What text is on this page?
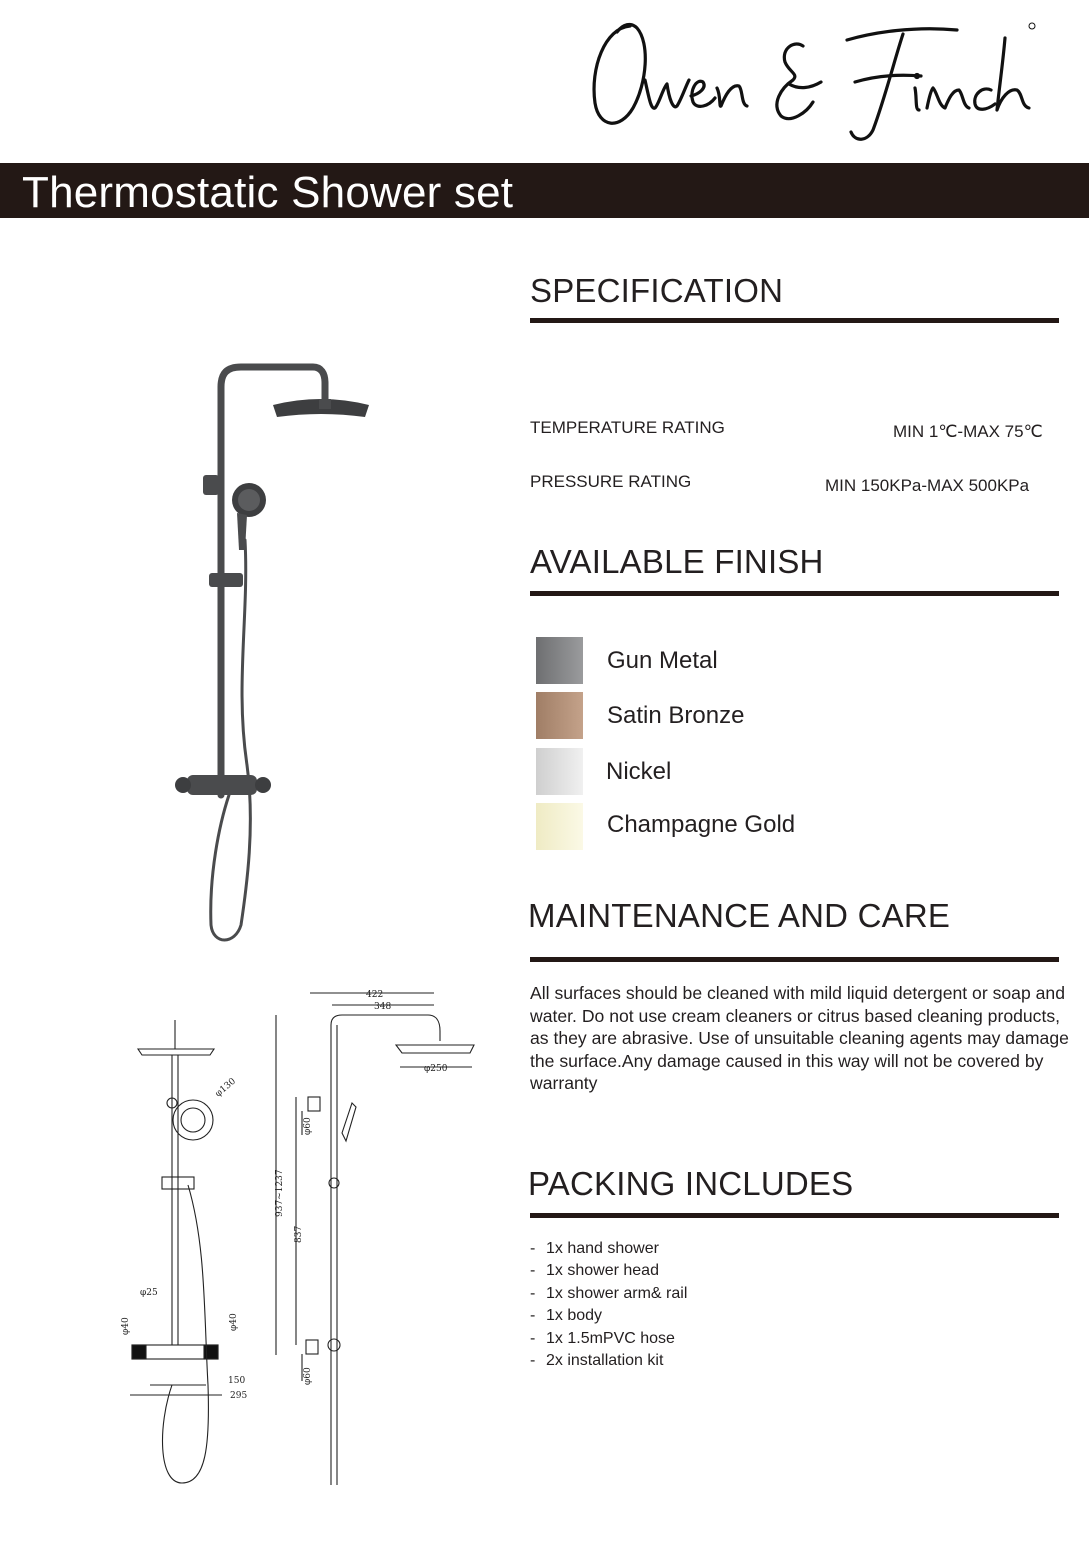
Thermostatic Shower set
φ130
φ25
φ40	φ40
150
295
422
348
φ250
φ60
937~1237
837
φ60
SPECIFICATION
TEMPERATURE RATING	MIN 1℃-MAX 75℃
PRESSURE RATING	MIN 150KPa-MAX 500KPa
AVAILABLE FINISH
Gun Metal
Satin Bronze
Nickel
Champagne Gold
MAINTENANCE AND CARE

All surfaces should be cleaned with mild liquid detergent or soap and water. Do not use cream cleaners or citrus based cleaning products, as they are abrasive. Use of unsuitable cleaning agents may damage the surface.Any damage caused in this way will not be covered by warranty

PACKING INCLUDES
- 1x hand shower
- 1x shower head
- 1x shower arm& rail
- 1x body
- 1x 1.5mPVC hose
- 2x installation kit
